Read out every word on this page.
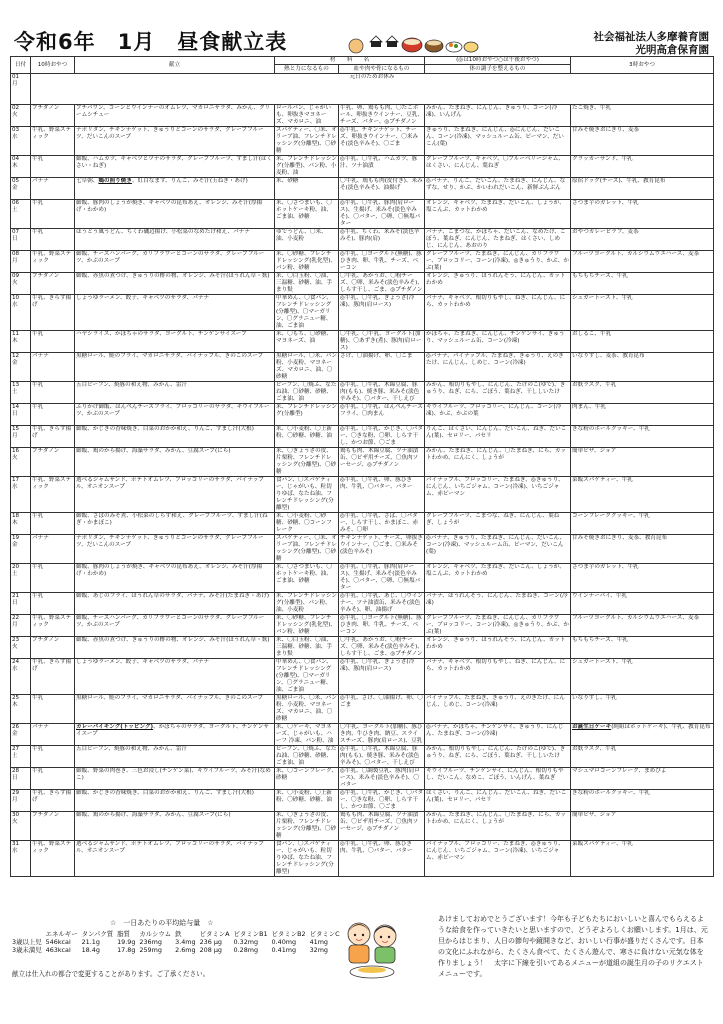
令和6年　1月　昼食献立表	社会福祉法人多摩養育園
光明高倉保育園
日付	10時おやつ	献立	材　　料　　名		(◎は10時おやつ○は午後おやつ)	3時おやつ
			熱と力になるもの	血や肉や骨になるもの	体の調子を整えるもの	
01
月	元日のためお休み					
02
火	プチダノン	プチパワン、コーンとウインナーのオムレツ、マカロニサラダ、みかん、クリームシチュー	ロールパン、じゃがいも、卵抜きマヨネーズ、マカロニ、油	牛乳、卵、鶏もも肉、〇たこボール、卵抜きウインナー、豆乳、チーズ、バター、◎プチダノン	みかん、たまねぎ、にんじん、きゅうり、コーン(冷凍)、いんげん	たこ焼き、牛乳
03
水	牛乳、野菜スティック	ナポリタン、チキンナゲット、きゅうりとコーンのサラダ、グレープフルーツ、だいこんのスープ	スパゲティー、〇米、オリーブ油、フレンチドレッシング(分離型)、〇砂糖	◎牛乳、チキンナゲット、チーズ、卵抜きウインナー、〇米みそ(淡色辛みそ)、〇ごま	きゅうり、たまねぎ、にんじん、◎にんじん、だいこん、コーン(冷凍)、マッシュルーム缶、ピーマン、だいこん(葉)	甘みそ焼きおにぎり、麦茶
04
木	牛乳	御飯、ハムカツ、キャベツとツナのサラダ、グレープフルーツ、すまし汁(はくさい・ねぎ)	米、フレンチドレッシング(分離型)、パン粉、小麦粉、油	◎牛乳、〇牛乳、ハムカツ、豚汁、ツナ油漬	グレープフルーツ、キャベツ、〇ブルーベリージャム、はくさい、にんじん、葉ねぎ	クラッカーサンド、牛乳
05
金	バナナ	七草粥、鶏の照り焼き、紅白なます、りんご、みそ汁(玉ねぎ・あげ)	米、砂糖	〇牛乳、鶏もも肉(皮付き)、米みそ(淡色辛みそ)、油揚げ	◎バナナ、りんご、だいこん、たまねぎ、にんじん、なずな、せり、かぶ、かいわれだいこん、新鮮ぶんぶん	原宿ドッグ(チーズ)、牛乳、教育昆布
06
土	牛乳	御飯、豚肉のしょうが焼き、キャベツの昆布あえ、オレンジ、みそ汁(厚揚げ・わかめ)	米、〇さつまいも、〇ホットケーキ粉、油、ごま油、砂糖	◎牛乳、〇牛乳、豚肉(肩ロース)、生揚げ、米みそ(淡色辛みそ)、〇バター、〇卵、〇無塩バター	オレンジ、キャベツ、たまねぎ、だいこん、しょうが、塩こんぶ、カットわかめ	さつま芋のガレット、牛乳
07
日	牛乳	ほうとう風うどん、ちくわ磯辺揚げ、小松菜のなめたけ和え、バナナ	ゆでうどん、〇米、油、小麦粉	◎牛乳、ちくわ、米みそ(淡色辛みそ)、豚肉(肩)	バナナ、こまつな、かぼちゃ、だいこん、なめたけ、ごぼう、葉ねぎ、にんじん、たまねぎ、はくさい、しめじ、にんじん、あおのり	おやつカレーピラフ、麦茶
08
月	牛乳、野菜スティック	御飯、チーズハンバーグ、カリフラワーとコーンのサラダ、グレープフルーツ、かぶのスープ	米、〇砂糖、フレンチドレッシング(乳化型)、パン粉、砂糖	◎牛乳、〇ヨーグルト(無糖)、豚ひき肉、卵、牛乳、チーズ、ベーコン	グレープフルーツ、たまねぎ、にんじん、カリフラワー、ブロッコリー、コーン(冷凍)、◎きゅうり、かぶ、かぶ(葉)	フルーツヨーグルト、カルシウムウエハース、麦茶
09
火	プチダノン	御飯、赤魚の煮つけ、きゅうりの酢の物、オレンジ、みそ汁(ほうれん草・麩)	米、〇白玉粉、〇油、三温糖、砂糖、油、手まり麩	〇牛乳、あかうお、〇粉チーズ、〇卵、米みそ(淡色辛みそ)、しらす干し、ごま、◎プチダノン	オレンジ、きゅうり、ほうれんそう、にんじん、カットわかめ	もちもちチーズ、牛乳
10
水	牛乳、きらず揚げ	しょうゆラーメン、餃子、キャベツのサラダ、バナナ	中華めん、〇食パン、フレンチドレッシング(分離型)、〇マーガリン、〇グラニュー糖、油、ごま油	◎牛乳、〇牛乳、ぎょうざ(冷凍)、豚肉(肩ロース)	バナナ、キャベツ、根切りもやし、ねぎ、にんじん、にら、カットわかめ	シュガートースト、牛乳
11
木	牛乳	ハヤシライス、かぼちゃのサラダ、ヨーグルト、チンゲンサイスープ	米、〇もち、〇砂糖、マヨネーズ、油	〇牛乳、〇牛乳、ヨーグルト(加糖)、〇あずき(煮)、豚肉(肩ロース)	かぼちゃ、たまねぎ、にんじん、チンゲンサイ、きゅうり、マッシュルーム缶、コーン(冷凍)	おしるこ、牛乳
12
金	バナナ	黒糖ロール、鮭のフライ、マカロニサラダ、パイナップル、きのこのスープ	黒糖ロール、〇米、パン粉、小麦粉、マヨネーズ、マカロニ、油、〇砂糖	さけ、〇油揚げ、卵、〇ごま	◎バナナ、パイナップル、たまねぎ、きゅうり、えのきたけ、にんじん、しめじ、コーン(冷凍)	いなりずし、麦茶、教育昆布
13
土	牛乳	五目ビーフン、焼豚の和え物、みかん、雷汁	ビーフン、〇焼ふ、なたね油、〇砂糖、砂糖、ごま油、油	◎牛乳、〇牛乳、木綿豆腐、豚肉(もも)、焼き豚、米みそ(淡色辛みそ)、〇バター、干しえび	みかん、根切りもやし、にんじん、たけのこ(ゆで)、きゅうり、ねぎ、にら、ごぼう、葉ねぎ、干ししいたけ	お麩ラスク、牛乳
14
日	牛乳	ふりかけ御飯、はんぺんチーズフライ、ブロッコリーのサラダ、キウイフルーツ、かぶのスープ	米、フレンチドレッシング(分離型)	◎牛乳、〇牛乳、はんぺんチーズフライ、〇肉まん	キウイフルーツ、ブロッコリー、にんじん、コーン(冷凍)、かぶ、かぶの葉	肉まん、牛乳
15
月	牛乳、きらず揚げ	御飯、かじきの香味焼き、白菜のおかか和え、りんご、すまし汁(大根)	米、〇小麦粉、〇上新粉、〇砂糖、砂糖、油	◎牛乳、〇牛乳、かじき、〇バター、〇きな粉、〇卵、しらす干し、かつお節、〇ごま	りんご、はくさい、にんじん、だいこん、ねぎ、だいこん(葉)、セロリー、パセリ	きな粉のボールクッキー、牛乳
16
火	プチダノン	御飯、鶏のから揚げ、海藻サラダ、みかん、豆腐スープ(にら)	米、〇ぎょうざの皮、片栗粉、フレンチドレッシング(分離型)、〇砂糖	鶏もも肉、木綿豆腐、ツナ油漬缶、〇ピザ用チーズ、〇魚肉ソーセージ、◎プチダノン	みかん、たまねぎ、にんじん、〇たまねぎ、にら、カットわかめ、にんにく、しょうが	簡単ピザ、ジョア
17
水	牛乳、野菜スティック	選べるジャムサンド、ポテトオムレツ、ブロッコリーのサラダ、パイナップル、オニオンスープ	食パン、〇スパゲティー、じゃがいも、粒切りゆば、なたね油、フレンチドレッシング(分離型)	◎牛乳、〇牛乳、卵、豚ひき肉、牛乳、〇バター、バター	パイナップル、ブロッコリー、たまねぎ、◎きゅうり、にんじん、いちごジャム、コーン(冷凍)、いちごジャム、赤ピーマン	菜飯スパゲティー、牛乳
18
木	牛乳	御飯、さばのみそ煮、小松菜のしらす和え、グレープフルーツ、すまし汁(ねぎ・かまぼこ)	米、〇小麦粉、〇砂糖、砂糖、〇コーンフレーク	◎牛乳、〇牛乳、さば、〇バター、しらす干し、かまぼこ、赤みそ、〇卵	グレープフルーツ、こまつな、ねぎ、にんじん、葉ねぎ、しょうが	コーンフレーククッキー、牛乳
19
金	バナナ	ナポリタン、チキンナゲット、きゅうりとコーンのサラダ、グレープフルーツ、だいこんのスープ	スパゲティー、〇米、オリーブ油、フレンチドレッシング(分離型)、〇砂糖	チキンナゲット、チーズ、卵抜きウインナー、〇ごま、〇米みそ(淡色辛みそ)	◎バナナ、きゅうり、たまねぎ、にんじん、だいこん、コーン(冷凍)、マッシュルーム缶、ピーマン、だいこん(葉)	甘みそ焼きおにぎり、麦茶、教育昆布
20
土	牛乳	御飯、豚肉のしょうが焼き、キャベツの昆布あえ、オレンジ、みそ汁(厚揚げ・わかめ)	米、〇さつまいも、〇ホットケーキ粉、油、ごま油、砂糖	◎牛乳、〇牛乳、豚肉(肩ロース)、生揚げ、米みそ(淡色辛みそ)、〇バター、〇卵、〇無塩バター	オレンジ、キャベツ、たまねぎ、だいこん、しょうが、塩こんぶ、カットわかめ	さつま芋のガレット、牛乳
21
日	牛乳	御飯、あじのフライ、ほうれん草のサラダ、バナナ、みそ汁(たまねぎ・あげ)	米、フレンチドレッシング(分離型)、パン粉、油、小麦粉	◎牛乳、〇牛乳、あじ、〇ウインナー、ツナ油漬缶、米みそ(淡色辛みそ)、卵、油揚げ	バナナ、ほうれんそう、にんじん、たまねぎ、コーン(冷凍)	ウインナーパイ、牛乳
22
月	牛乳、野菜スティック	御飯、チーズハンバーグ、カリフラワーとコーンのサラダ、グレープフルーツ、かぶのスープ	米、〇砂糖、フレンチドレッシング(乳化型)、パン粉、砂糖	◎牛乳、〇ヨーグルト(無糖)、豚ひき肉、卵、牛乳、チーズ、ベーコン	グレープフルーツ、たまねぎ、にんじん、カリフラワー、ブロッコリー、コーン(冷凍)、◎きゅうり、かぶ、かぶ(葉)	フルーツヨーグルト、カルシウムウエハース、麦茶
23
火	プチダノン	御飯、赤魚の煮つけ、きゅうりの酢の物、オレンジ、みそ汁(ほうれん草・麩)	米、〇白玉粉、〇油、三温糖、砂糖、油、手まり麩	〇牛乳、あかうお、〇粉チーズ、〇卵、米みそ(淡色辛みそ)、しらす干し、ごま、◎プチダノン	オレンジ、きゅうり、ほうれんそう、にんじん、カットわかめ	もちもちチーズ、牛乳
24
水	牛乳、きらず揚げ	しょうゆラーメン、餃子、キャベツのサラダ、バナナ	中華めん、〇食パン、フレンチドレッシング(分離型)、〇マーガリン、〇グラニュー糖、油、ごま油	◎牛乳、〇牛乳、ぎょうざ(冷凍)、豚肉(肩ロース)	バナナ、キャベツ、根切りもやし、ねぎ、にんじん、にら、カットわかめ	シュガートースト、牛乳
25
木	牛乳	黒糖ロール、鮭のフライ、マカロニサラダ、パイナップル、きのこのスープ	黒糖ロール、〇米、パン粉、小麦粉、マヨネーズ、マカロニ、油、〇砂糖	◎牛乳、さけ、〇油揚げ、卵、〇ごま	パイナップル、たまねぎ、きゅうり、えのきたけ、にんじん、しめじ、コーン(冷凍)	いなりずし、牛乳
26
金	バナナ	カレーバイキング(トッピング)、かぼちゃのサラダ、ヨーグルト、チンゲンサイスープ	米、〇ケーキ、マヨネーズ、じゃがいも、ハーフ 冷凍、パン粉、油	〇牛乳、ヨーグルト(加糖)、豚ひき肉、牛ひき肉、納豆、スライスチーズ、豚肉(肩ロース)、豆乳	◎バナナ、かぼちゃ、チンゲンサイ、きゅうり、にんじん、たまねぎ、コーン(冷凍)	お誕生日ケーキ(純組はホットケーキ)、牛乳、教育昆布
27
土	牛乳	五目ビーフン、焼豚の和え物、みかん、雷汁	ビーフン、〇焼ふ、なたね油、〇砂糖、砂糖、ごま油、油	◎牛乳、〇牛乳、木綿豆腐、豚肉(もも)、焼き豚、米みそ(淡色辛みそ)、〇バター、干しえび	みかん、根切りもやし、にんじん、たけのこ(ゆで)、きゅうり、ねぎ、にら、ごぼう、葉ねぎ、干ししいたけ	お麩ラスク、牛乳
28
日	牛乳	御飯、野菜の肉巻き、三色お浸し(チンゲン菜)、キウイフルーツ、みそ汁(なめこ)	米、〇コーンフレーク、砂糖	◎牛乳、〇調製豆乳、豚肉(肩ロース)、米みそ(淡色辛みそ)、〇バター	キウイフルーツ、チンゲンサイ、にんじん、根切りもやし、だいこん、なめこ、ごぼう、いんげん、葉ねぎ	マシュマロコーンフレーク、まめぴよ
29
月	牛乳、きらず揚げ	御飯、かじきの香味焼き、白菜のおかか和え、りんご、すまし汁(大根)	米、〇小麦粉、〇上新粉、〇砂糖、砂糖、油	◎牛乳、〇牛乳、かじき、〇バター、〇きな粉、〇卵、しらす干し、かつお節、〇ごま	はくさい、りんご、にんじん、だいこん、ねぎ、だいこん(葉)、セロリー、パセリ	きな粉のボールクッキー、牛乳
30
火	プチダノン	御飯、鶏のから揚げ、海藻サラダ、みかん、豆腐スープ(にら)	米、〇ぎょうざの皮、片栗粉、フレンチドレッシング(分離型)、〇砂糖	鶏もも肉、木綿豆腐、ツナ油漬缶、〇ピザ用チーズ、〇魚肉ソーセージ、◎プチダノン	みかん、たまねぎ、にんじん、〇たまねぎ、にら、カットわかめ、にんにく、しょうが	簡単ピザ、ジョア
31
水	牛乳、野菜スティック	選べるジャムサンド、ポテトオムレツ、ブロッコリーのサラダ、パイナップル、オニオンスープ	食パン、〇スパゲティー、じゃがいも、粒切りゆば、なたね油、フレンチドレッシング(分離型)	◎牛乳、〇牛乳、卵、豚ひき肉、牛乳、〇バター、バター	パイナップル、ブロッコリー、たまねぎ、◎きゅうり、にんじん、いちごジャム、コーン(冷凍)、いちごジャム、赤ピーマン	菜飯スパゲティー、牛乳
☆　一日あたりの平均給与量　☆
	エネルギー	タンパク質	脂質	カルシウム	鉄	ビタミンA	ビタミンB1	ビタミンB2	ビタミンC
3歳以上児	546kcal	21.1g	19.9g	236mg	3.4mg	236 μg	0.32mg	0.40mg	41mg
3歳未満児	463kcal	18.4g	17.8g	259mg	2.6mg	208 μg	0.28mg	0.41mg	32mg
献立は仕入れの都合で変更することがあります。ご了承ください。
あけましておめでとうございます！今年も子どもたちにおいしいと喜んでもらえるような給食を作っていきたいと思いますので、どうぞよろしくお願いします。1月は、元旦からはじまり、人日の節句や鏡開きなど、おいしい行事が盛りだくさんです。日本の文化にふれながら、たくさん食べて、たくさん遊んで、寒さに負けない元気な体を作りましょう！　太字に下線を引いてあるメニューが道組の誕生月の子のリクエストメニューです。
